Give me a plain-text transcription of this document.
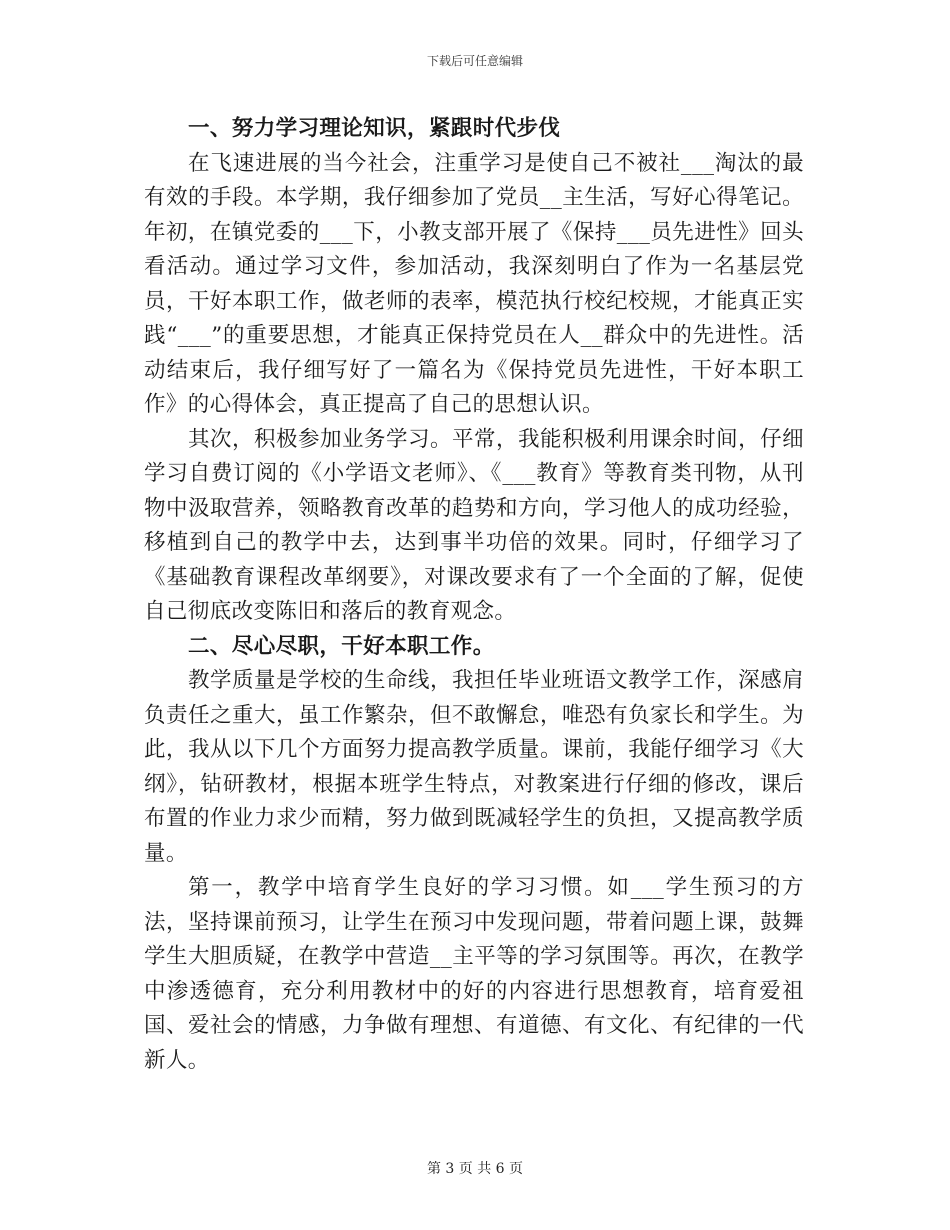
下载后可任意编辑

一、努力学习理论知识，紧跟时代步伐

在飞速进展的当今社会，注重学习是使自己不被社___淘汰的最有效的手段。本学期，我仔细参加了党员__主生活，写好心得笔记。年初，在镇党委的___下，小教支部开展了《保持___员先进性》回头看活动。通过学习文件，参加活动，我深刻明白了作为一名基层党员，干好本职工作，做老师的表率，模范执行校纪校规，才能真正实践“___”的重要思想，才能真正保持党员在人__群众中的先进性。活动结束后，我仔细写好了一篇名为《保持党员先进性，干好本职工作》的心得体会，真正提高了自己的思想认识。

其次，积极参加业务学习。平常，我能积极利用课余时间，仔细学习自费订阅的《小学语文老师》、《___教育》等教育类刊物，从刊物中汲取营养，领略教育改革的趋势和方向，学习他人的成功经验，移植到自己的教学中去，达到事半功倍的效果。同时，仔细学习了《基础教育课程改革纲要》，对课改要求有了一个全面的了解，促使自己彻底改变陈旧和落后的教育观念。

二、尽心尽职，干好本职工作。

教学质量是学校的生命线，我担任毕业班语文教学工作，深感肩负责任之重大，虽工作繁杂，但不敢懈怠，唯恐有负家长和学生。为此，我从以下几个方面努力提高教学质量。课前，我能仔细学习《大纲》，钻研教材，根据本班学生特点，对教案进行仔细的修改，课后布置的作业力求少而精，努力做到既减轻学生的负担，又提高教学质量。

第一，教学中培育学生良好的学习习惯。如___学生预习的方法，坚持课前预习，让学生在预习中发现问题，带着问题上课，鼓舞学生大胆质疑，在教学中营造__主平等的学习氛围等。再次，在教学中渗透德育，充分利用教材中的好的内容进行思想教育，培育爱祖国、爱社会的情感，力争做有理想、有道德、有文化、有纪律的一代新人。

第 3 页 共 6 页
